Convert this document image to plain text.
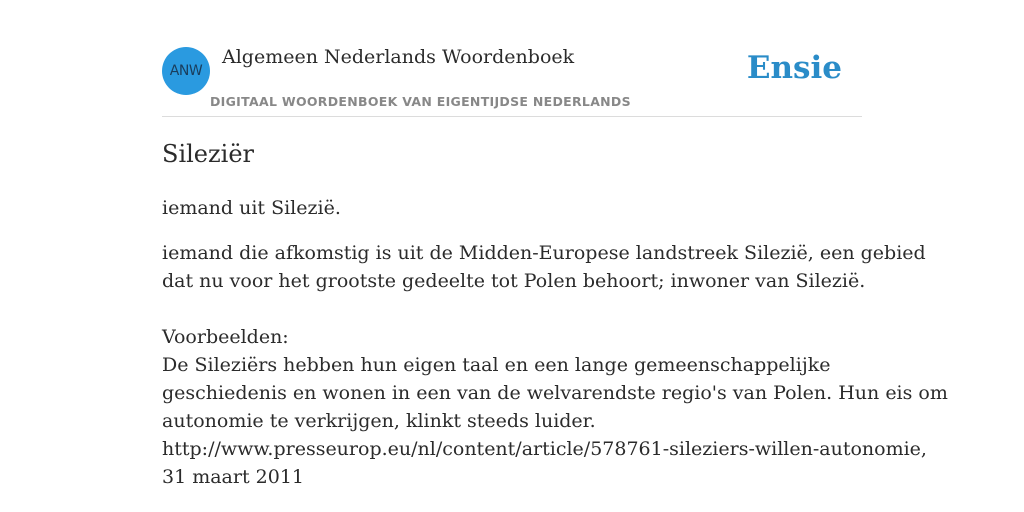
ANW
Algemeen Nederlands Woordenboek
DIGITAAL WOORDENBOEK VAN EIGENTIJDSE NEDERLANDS
Ensie
Sileziër
iemand uit Silezië.
iemand die afkomstig is uit de Midden-Europese landstreek Silezië, een gebied
dat nu voor het grootste gedeelte tot Polen behoort; inwoner van Silezië.
Voorbeelden:
De Sileziërs hebben hun eigen taal en een lange gemeenschappelijke
geschiedenis en wonen in een van de welvarendste regio's van Polen. Hun eis om
autonomie te verkrijgen, klinkt steeds luider.
http://www.presseurop.eu/nl/content/article/578761-sileziers-willen-autonomie,
31 maart 2011
